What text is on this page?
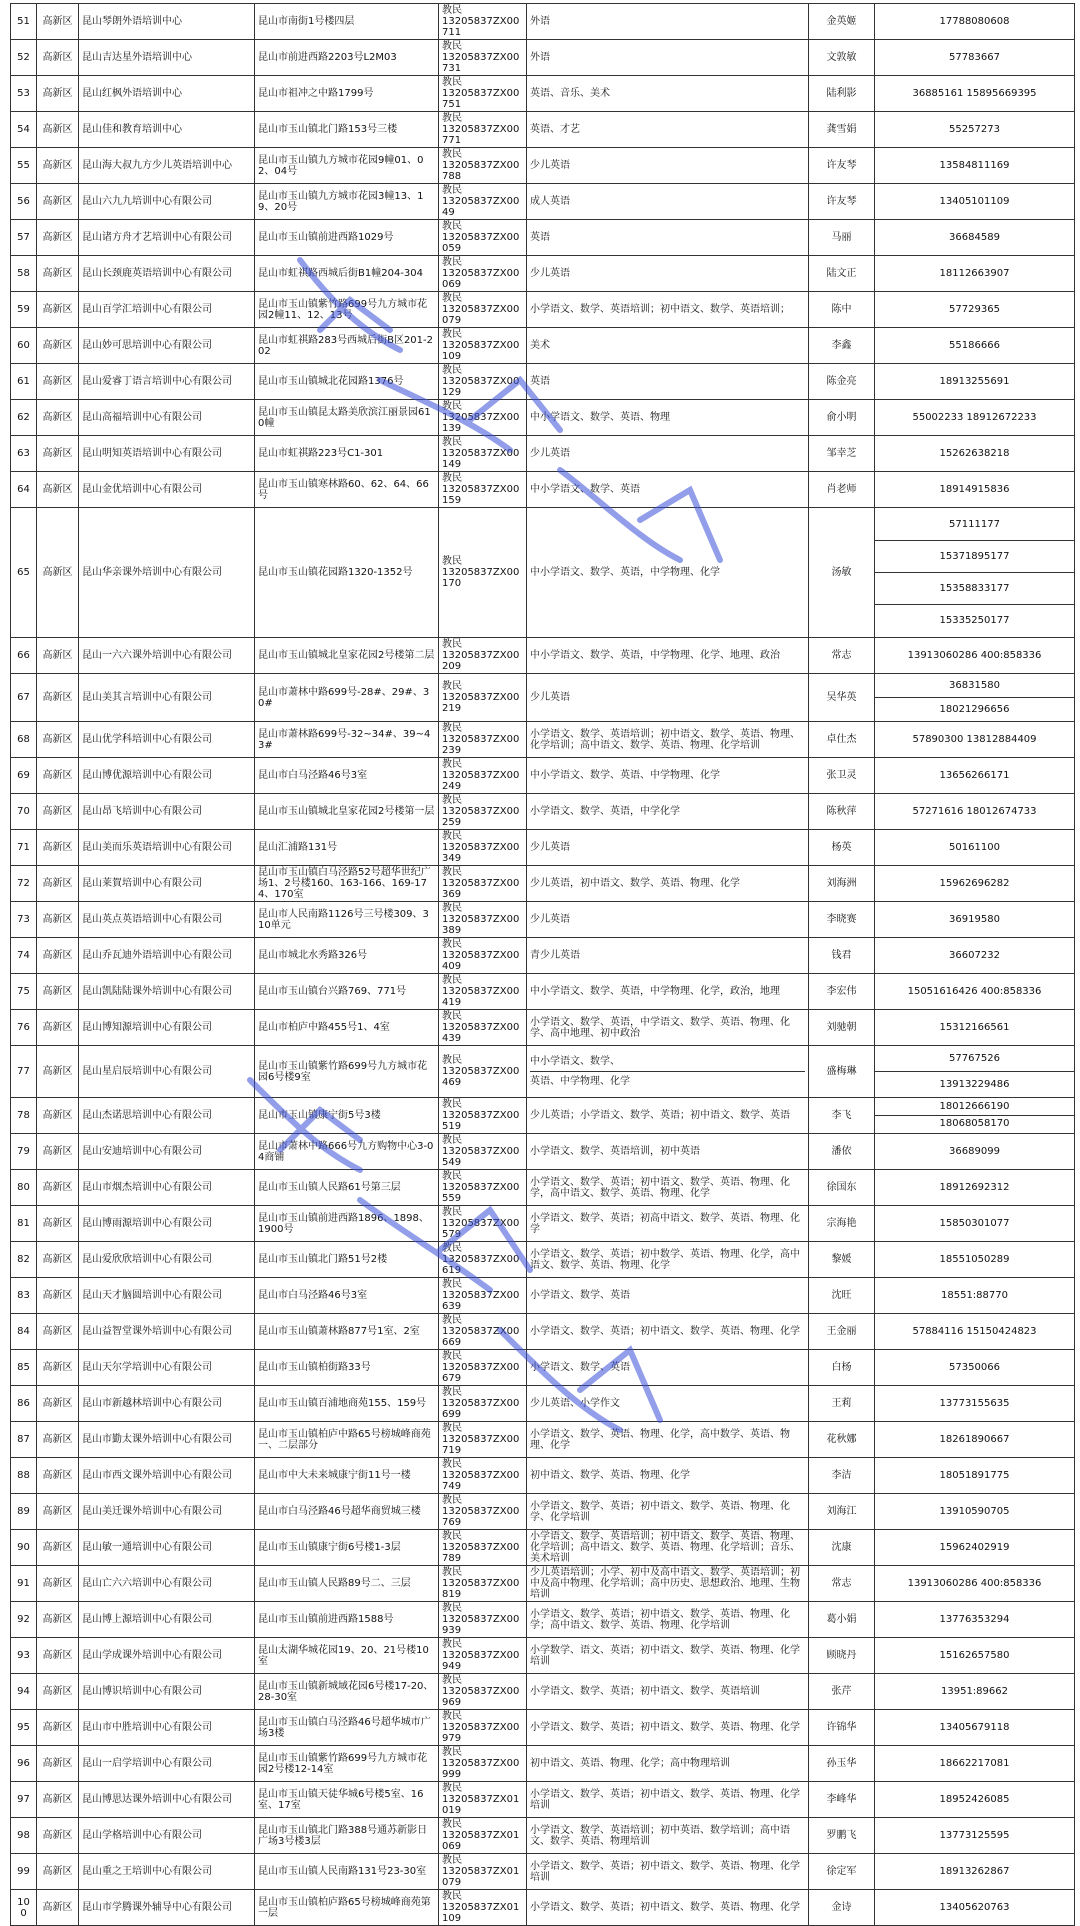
51	高新区	昆山琴朗外语培训中心	昆山市南街1号楼四层	教民
13205837ZX00711	外语	金英姬	17788080608

52	高新区	昆山吉达星外语培训中心	昆山市前进西路2203号L2M03	教民
13205837ZX00731	外语	文敦敏	57783667

53	高新区	昆山红枫外语培训中心	昆山市祖冲之中路1799号	教民
13205837ZX00751	英语、音乐、美术	陆利影	36885161 15895669395

54	高新区	昆山佳和教育培训中心	昆山市玉山镇北门路153号三楼	教民
13205837ZX00771	英语、才艺	龚雪娟	55257273

55	高新区	昆山海大叔九方少儿英语培训中心	昆山市玉山镇九方城市花园9幢01、02、04号	教民
13205837ZX00788	少儿英语	许友琴	13584811169

56	高新区	昆山六九九培训中心有限公司	昆山市玉山镇九方城市花园3幢13、19、20号	教民
13205837ZX0049	成人英语	许友琴	13405101109

57	高新区	昆山诸方舟才艺培训中心有限公司	昆山市玉山镇前进西路1029号	教民
13205837ZX00059	英语	马丽	36684589

58	高新区	昆山长颈鹿英语培训中心有限公司	昆山市虹祺路西城后街B1幢204-304	教民
13205837ZX00069	少儿英语	陆文正	18112663907

59	高新区	昆山百学汇培训中心有限公司	昆山市玉山镇紫竹路699号九方城市花园2幢11、12、13号	教民
13205837ZX00079	小学语文、数学、英语培训；初中语文、数学、英语培训；	陈中	57729365

60	高新区	昆山妙可思培训中心有限公司	昆山市虹祺路283号西城后街B区201-202	教民
13205837ZX00109	美术	李鑫	55186666

61	高新区	昆山爱睿丁语言培训中心有限公司	昆山市玉山镇城北花园路1376号	教民
13205837ZX00129	英语	陈金亮	18913255691

62	高新区	昆山高福培训中心有限公司	昆山市玉山镇昆太路美欣滨江丽景园610幢	教民
13205837ZX00139	中小学语文、数学、英语、物理	俞小明	55002233 18912672233

63	高新区	昆山明知英语培训中心有限公司	昆山市虹祺路223号C1-301	教民
13205837ZX00149	少儿英语	邹幸芝	15262638218

64	高新区	昆山金优培训中心有限公司	昆山市玉山镇寒林路60、62、64、66号	教民
13205837ZX00159	中小学语文、数学、英语	肖老师	18914915836

65	高新区	昆山华亲课外培训中心有限公司	昆山市玉山镇花园路1320-1352号	教民
13205837ZX00170	中小学语文、数学、英语，中学物理、化学	汤敏	57111177
15371895177
15358833177
15335250177

66	高新区	昆山一六六课外培训中心有限公司	昆山市玉山镇城北皇家花园2号楼第二层	教民
13205837ZX00209	中小学语文、数学、英语，中学物理、化学、地理、政治	常志	13913060286 400:858336

67	高新区	昆山美其言培训中心有限公司	昆山市萧林中路699号-28#、29#、30#	教民
13205837ZX00219	少儿英语	吴华英	36831580
18021296656

68	高新区	昆山优学科培训中心有限公司	昆山市萧林路699号-32~34#、39~43#	教民
13205837ZX00239	小学语文、数学、英语培训；初中语文、数学、英语、物理、化学培训；高中语文、数学、英语、物理、化学培训	卓仕杰	57890300 13812884409

69	高新区	昆山博优源培训中心有限公司	昆山市白马泾路46号3室	教民
13205837ZX00249	中小学语文、数学、英语、中学物理、化学	张卫灵	13656266171

70	高新区	昆山昂飞培训中心有限公司	昆山市玉山镇城北皇家花园2号楼第一层	教民
13205837ZX00259	小学语文、数学、英语，中学化学	陈秋萍	57271616 18012674733

71	高新区	昆山美而乐英语培训中心有限公司	昆山汇浦路131号	教民
13205837ZX00349	少儿英语	杨英	50161100

72	高新区	昆山莱賀培训中心有限公司	昆山市玉山镇白马泾路52号超华世纪广场1、2号楼160、163-166、169-174、170室	教民
13205837ZX00369	少儿英语，初中语文、数学、英语、物理、化学	刘海洲	15962696282

73	高新区	昆山英点英语培训中心有限公司	昆山市人民南路1126号三号楼309、310单元	教民
13205837ZX00389	少儿英语	李晓赛	36919580

74	高新区	昆山乔瓦迪外语培训中心有限公司	昆山市城北水秀路326号	教民
13205837ZX00409	青少儿英语	钱君	36607232

75	高新区	昆山凯陆陆课外培训中心有限公司	昆山市玉山镇台兴路769、771号	教民
13205837ZX00419	中小学语文、数学、英语，中学物理、化学，政治，地理	李宏伟	15051616426 400:858336

76	高新区	昆山博知源培训中心有限公司	昆山市柏庐中路455号1、4室	教民
13205837ZX00439	小学语文、数学、英语，中学语文、数学、英语、物理、化学、高中地理、初中政治	刘驰朝	15312166561

77	高新区	昆山星启辰培训中心有限公司	昆山市玉山镇紫竹路699号九方城市花园6号楼9室	教民
13205837ZX00469	中小学语文、数学、
英语、中学物理、化学	盛梅琳	57767526
13913229486

78	高新区	昆山杰诺思培训中心有限公司	昆山市玉山镇康宁街5号3楼	教民
13205837ZX00519	少儿英语；小学语文、数学、英语；初中语文、数学、英语	李飞	18012666190
18068058170

79	高新区	昆山安迪培训中心有限公司	昆山市萧林中路666号九方购物中心3-04商铺	教民
13205837ZX00549	小学语文、数学、英语培训，初中英语	潘依	36689099

80	高新区	昆山市烟杰培训中心有限公司	昆山市玉山镇人民路61号第三层	教民
13205837ZX00559	小学语文、数学、英语；初中语文、数学、英语、物理、化学，高中语文、数学、英语、物理、化学	徐国东	18912692312

81	高新区	昆山博雨源培训中心有限公司	昆山市玉山镇前进西路1896、1898、1900号	教民
13205837ZX00579	小学语文、数学、英语；初高中语文、数学、英语、物理、化学	宗海艳	15850301077

82	高新区	昆山爱欣欣培训中心有限公司	昆山市玉山镇北门路51号2楼	教民
13205837ZX00619	小学语文、数学、英语；初中数学、英语、物理、化学，高中语文、数学、英语、物理、化学	黎媛	18551050289

83	高新区	昆山天才脑圆培训中心有限公司	昆山市白马泾路46号3室	教民
13205837ZX00639	小学语文、数学、英语	沈旺	18551:88770

84	高新区	昆山益智堂课外培训中心有限公司	昆山市玉山镇萧林路877号1室、2室	教民
13205837ZX00669	小学语文、数学、英语；初中语文、数学、英语、物理、化学	王金丽	57884116 15150424823

85	高新区	昆山天尔学培训中心有限公司	昆山市玉山镇柏街路33号	教民
13205837ZX00679	小学语文、数学、英语	白杨	57350066

86	高新区	昆山市新越林培训中心有限公司	昆山市玉山镇百浦地商苑155、159号	教民
13205837ZX00699	少儿英语、小学作文	王莉	13773155635

87	高新区	昆山市勤太课外培训中心有限公司	昆山市玉山镇柏庐中路65号榜城峰商苑一、二层部分	教民
13205837ZX00719	小学语文、数学、英语、物理、化学，高中数学、英语、物理、化学	花秋娜	18261890667

88	高新区	昆山市西文课外培训中心有限公司	昆山市中大未来城康宁街11号一楼	教民
13205837ZX00749	初中语文、数学、英语、物理、化学	李洁	18051891775

89	高新区	昆山美迁课外培训中心有限公司	昆山市白马泾路46号超华商贸城三楼	教民
13205837ZX00769	小学语文、数学、英语；初中语文、数学、英语、物理、化学、化学培训	刘海江	13910590705

90	高新区	昆山敏一通培训中心有限公司	昆山市玉山镇康宁街6号楼1-3层	教民
13205837ZX00789	小学语文、数学、英语培训；初中语文、数学、英语、物理、化学培训；高中语文、数学、英语、物理、化学培训；音乐、美术培训	沈康	15962402919

91	高新区	昆山亡六六培训中心有限公司	昆山市玉山镇人民路89号二、三层	教民
13205837ZX00819	少儿英语培训；小学、初中及高中语文、数学、英语培训；初中及高中物理、化学培训；高中历史、思想政治、地理、生物培训	常志	13913060286 400:858336

92	高新区	昆山博上源培训中心有限公司	昆山市玉山镇前进西路1588号	教民
13205837ZX00939	小学语文、数学、英语；初中语文、数学、英语、物理、化学；高中语文、数学、英语、物理、化学培训	葛小娟	13776353294

93	高新区	昆山学成课外培训中心有限公司	昆山太湖华城花园19、20、21号楼10室	教民
13205837ZX00949	小学数学、语文、英语；初中语文、数学、英语、物理、化学培训	顾晓丹	15162657580

94	高新区	昆山博识培训中心有限公司	昆山市玉山镇新城域花园6号楼17-20、28-30室	教民
13205837ZX00969	小学语文、数学、英语；初中语文、数学、英语培训	张芹	13951:89662

95	高新区	昆山市中胜培训中心有限公司	昆山市玉山镇白马泾路46号超华城市广场3楼	教民
13205837ZX00979	小学语文、数学、英语；初中语文、数学、英语、物理、化学	许锦华	13405679118

96	高新区	昆山一启学培训中心有限公司	昆山市玉山镇紫竹路699号九方城市花园2号楼12-14室	教民
13205837ZX00999	初中语文、英语、物理、化学；高中物理培训	孙玉华	18662217081

97	高新区	昆山博思达课外培训中心有限公司	昆山市玉山镇天徒华城6号楼5室、16室、17室	教民
13205837ZX01019	小学语文、数学、英语；初中语文、数学、英语、物理、化学培训	李峰华	18952426085

98	高新区	昆山学格培训中心有限公司	昆山市玉山镇北门路388号通苏新影日广场3号楼3层	教民
13205837ZX01069	小学语文、数学、英语培训；初中英语、数学培训；高中语文、数学、英语、物理培训	罗鹏飞	13773125595

99	高新区	昆山重之王培训中心有限公司	昆山市玉山镇人民南路131号23-30室	教民
13205837ZX01079	小学语文、数学、英语；初中语文、数学、英语、物理、化学培训	徐定军	18913262867

100	高新区	昆山市学腾课外辅导中心有限公司	昆山市玉山镇柏庐路65号榜城峰商苑第一层	教民
13205837ZX01109	小学语文、数学、英语；初中语文、数学、英语、物理、化学	金诗	13405620763
